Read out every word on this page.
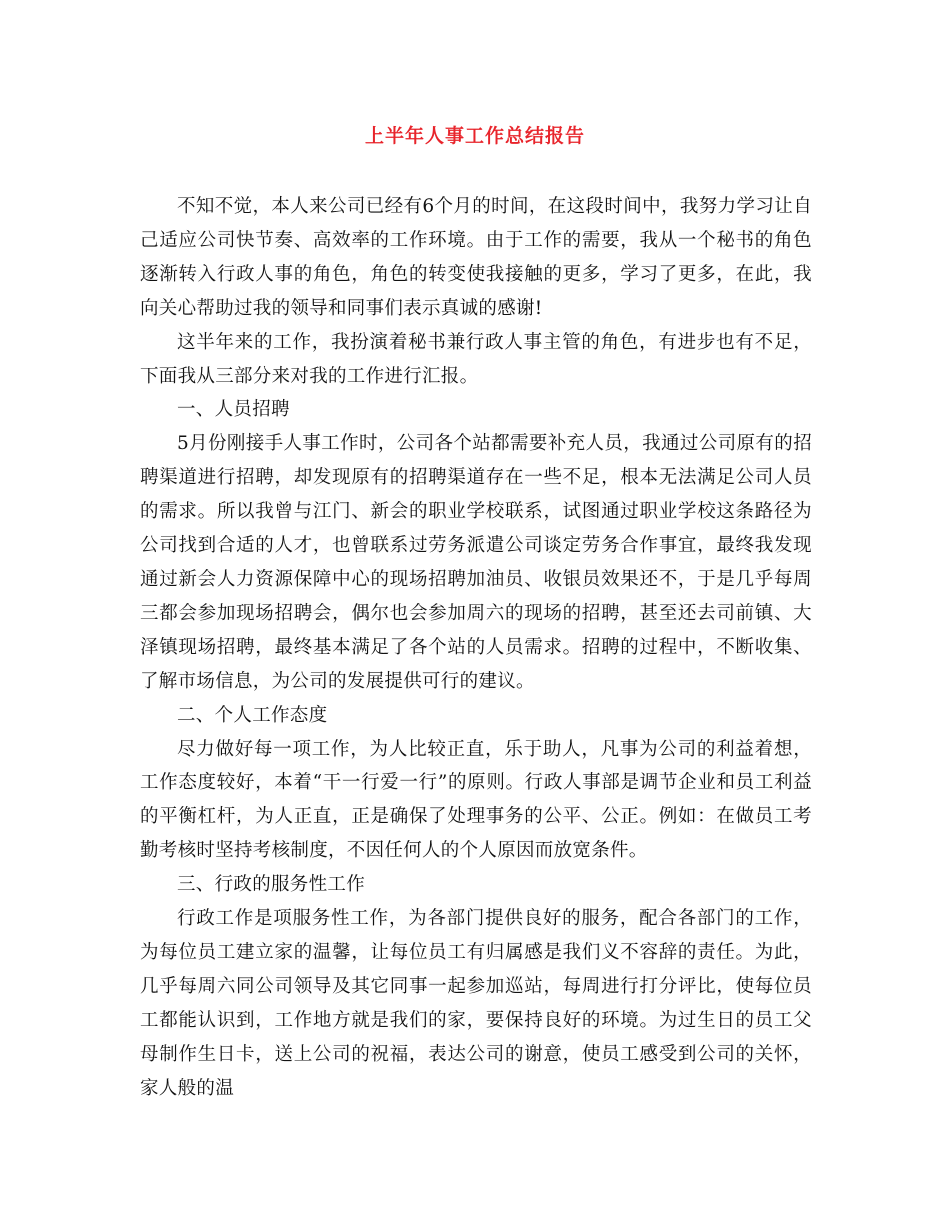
上半年人事工作总结报告

不知不觉，本人来公司已经有6个月的时间，在这段时间中，我努力学习让自己适应公司快节奏、高效率的工作环境。由于工作的需要，我从一个秘书的角色逐渐转入行政人事的角色，角色的转变使我接触的更多，学习了更多，在此，我向关心帮助过我的领导和同事们表示真诚的感谢!

这半年来的工作，我扮演着秘书兼行政人事主管的角色，有进步也有不足，下面我从三部分来对我的工作进行汇报。

一、人员招聘

5月份刚接手人事工作时，公司各个站都需要补充人员，我通过公司原有的招聘渠道进行招聘，却发现原有的招聘渠道存在一些不足，根本无法满足公司人员的需求。所以我曾与江门、新会的职业学校联系，试图通过职业学校这条路径为公司找到合适的人才，也曾联系过劳务派遣公司谈定劳务合作事宜，最终我发现通过新会人力资源保障中心的现场招聘加油员、收银员效果还不，于是几乎每周三都会参加现场招聘会，偶尔也会参加周六的现场的招聘，甚至还去司前镇、大泽镇现场招聘，最终基本满足了各个站的人员需求。招聘的过程中，不断收集、了解市场信息，为公司的发展提供可行的建议。

二、个人工作态度

尽力做好每一项工作，为人比较正直，乐于助人，凡事为公司的利益着想，工作态度较好，本着“干一行爱一行”的原则。行政人事部是调节企业和员工利益的平衡杠杆，为人正直，正是确保了处理事务的公平、公正。例如：在做员工考勤考核时坚持考核制度，不因任何人的个人原因而放宽条件。

三、行政的服务性工作

行政工作是项服务性工作，为各部门提供良好的服务，配合各部门的工作，为每位员工建立家的温馨，让每位员工有归属感是我们义不容辞的责任。为此，几乎每周六同公司领导及其它同事一起参加巡站，每周进行打分评比，使每位员工都能认识到，工作地方就是我们的家，要保持良好的环境。为过生日的员工父母制作生日卡，送上公司的祝福，表达公司的谢意，使员工感受到公司的关怀，家人般的温
